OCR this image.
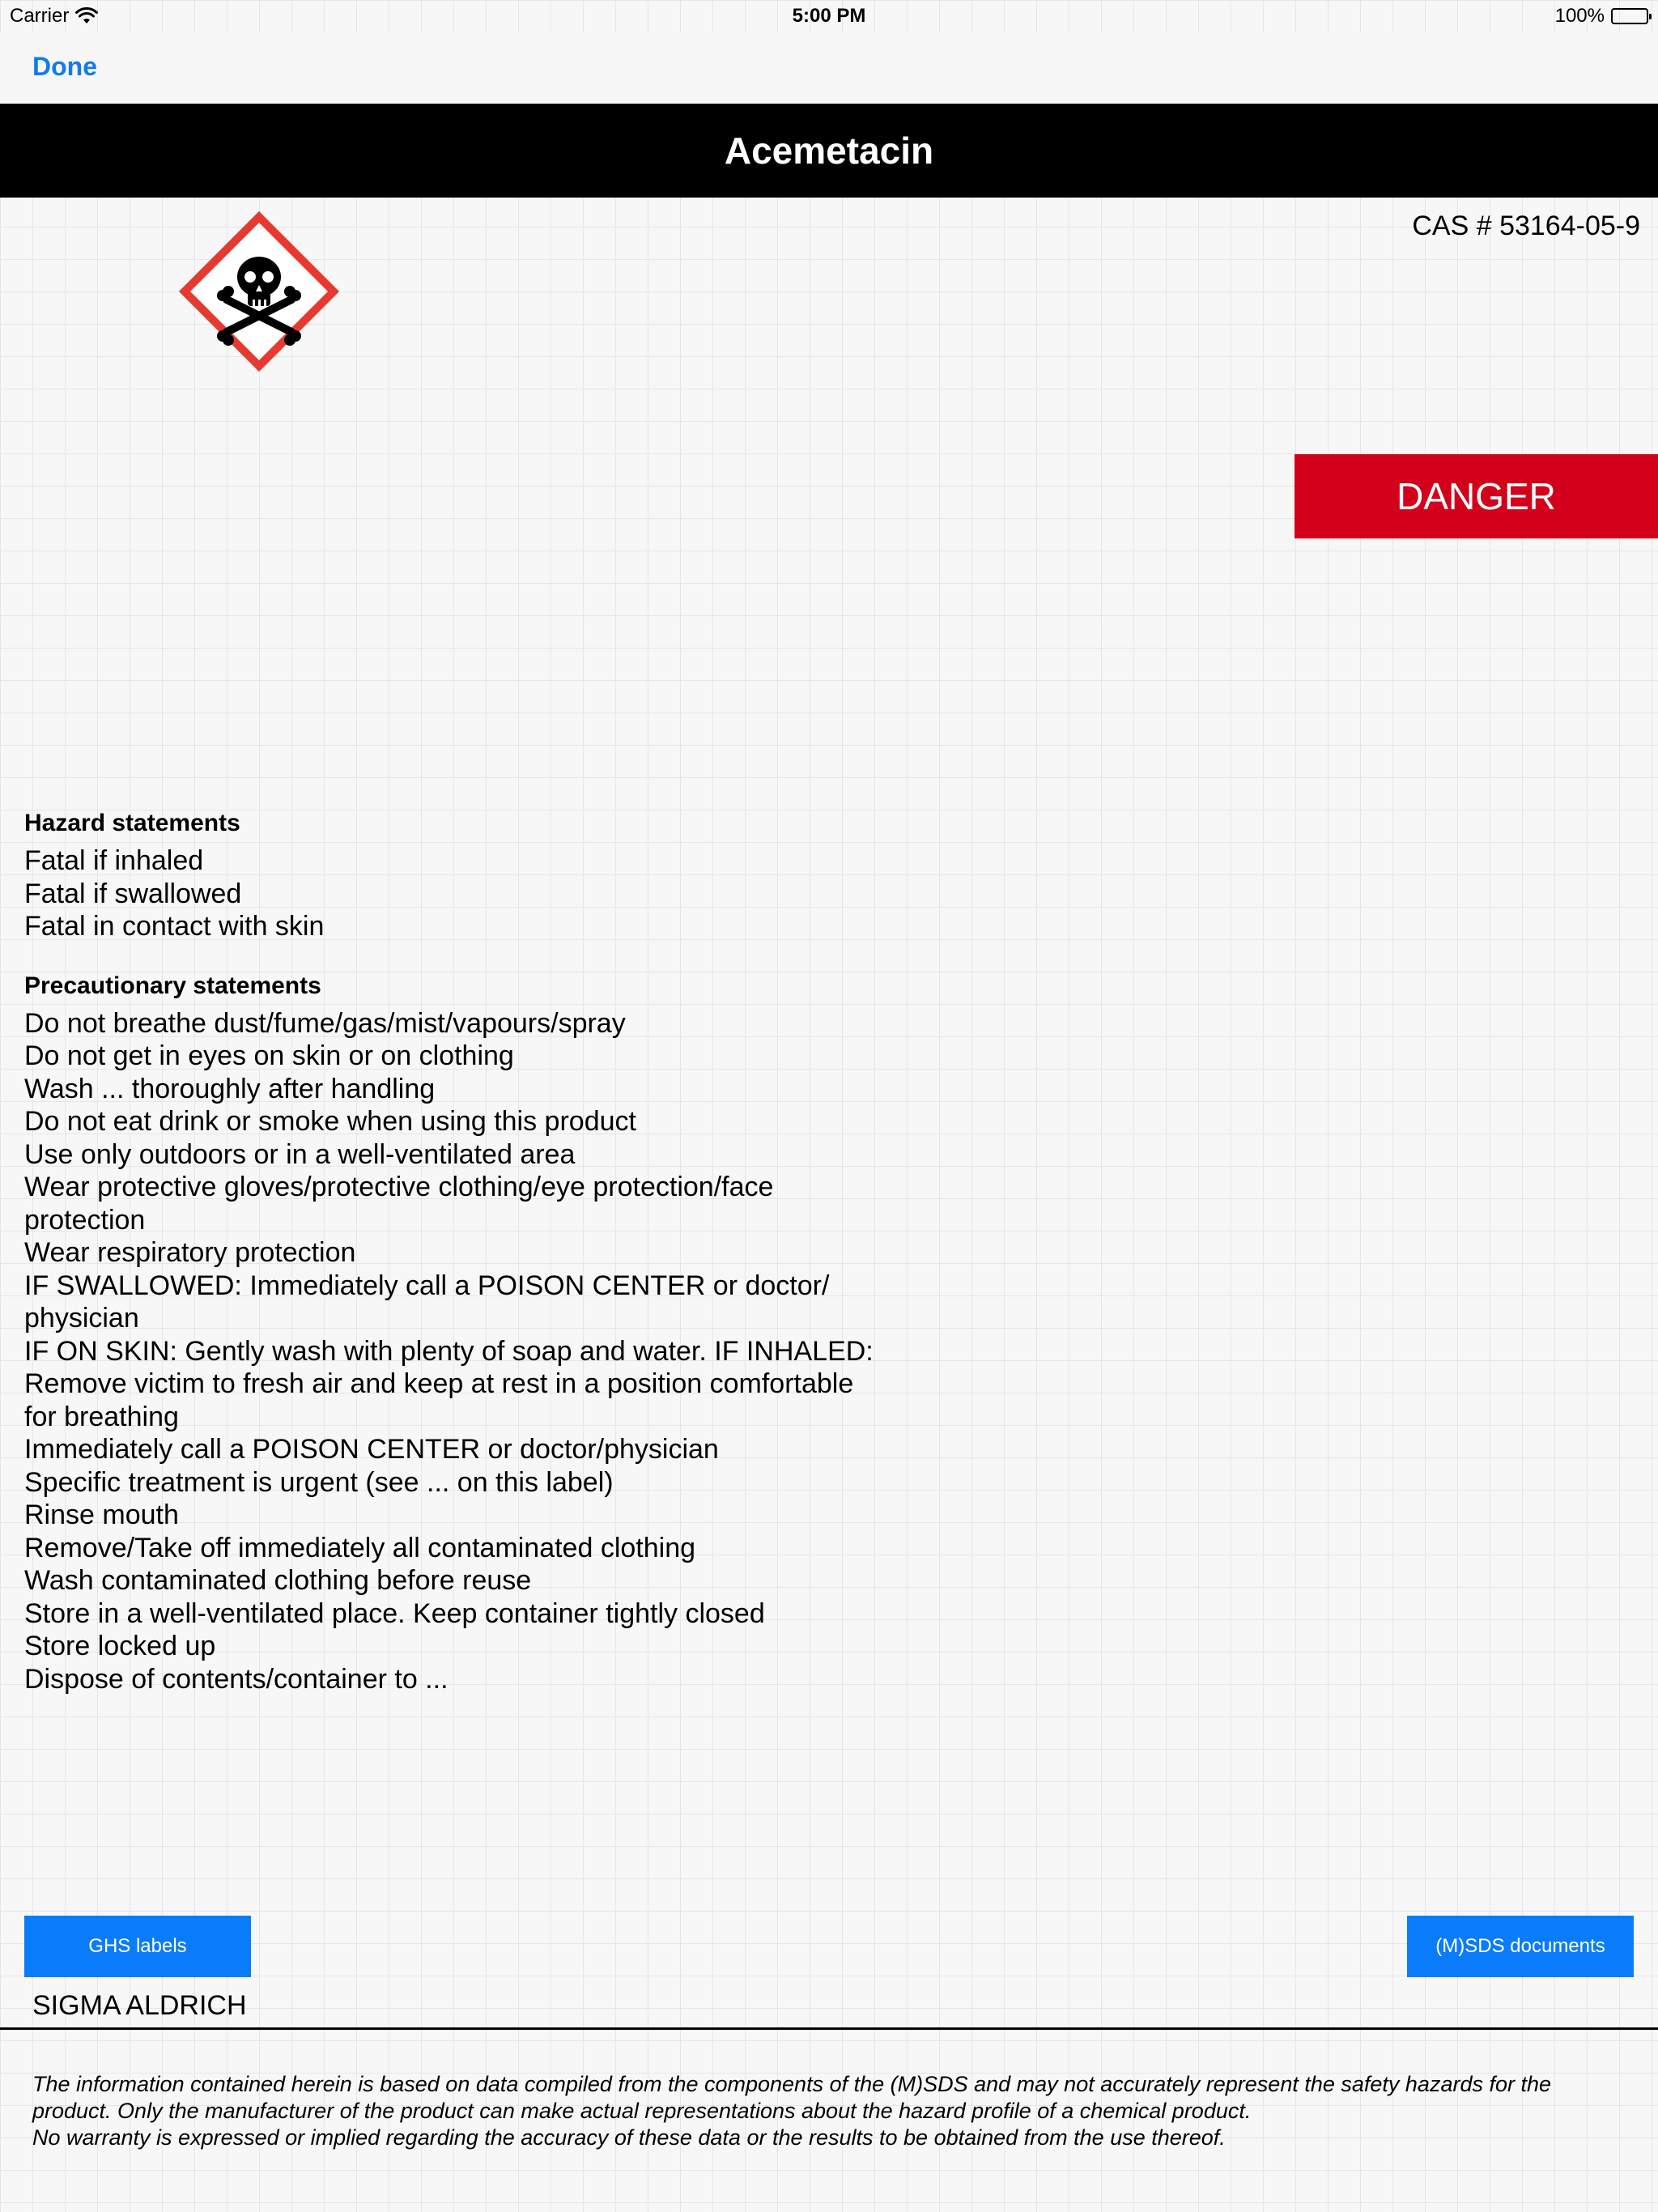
Carrier	5:00 PM	100%
Done
Acemetacin
CAS # 53164-05-9
DANGER
Hazard statements
Fatal if inhaled
Fatal if swallowed
Fatal in contact with skin
Precautionary statements
Do not breathe dust/fume/gas/mist/vapours/spray
Do not get in eyes on skin or on clothing
Wash ... thoroughly after handling
Do not eat drink or smoke when using this product
Use only outdoors or in a well-ventilated area
Wear protective gloves/protective clothing/eye protection/face protection
Wear respiratory protection
IF SWALLOWED: Immediately call a POISON CENTER or doctor/ physician
IF ON SKIN: Gently wash with plenty of soap and water. IF INHALED: Remove victim to fresh air and keep at rest in a position comfortable for breathing
Immediately call a POISON CENTER or doctor/physician
Specific treatment is urgent (see ... on this label)
Rinse mouth
Remove/Take off immediately all contaminated clothing
Wash contaminated clothing before reuse
Store in a well-ventilated place. Keep container tightly closed
Store locked up
Dispose of contents/container to ...
GHS labels	(M)SDS documents
SIGMA ALDRICH

The information contained herein is based on data compiled from the components of the (M)SDS and may not accurately represent the safety hazards for the product. Only the manufacturer of the product can make actual representations about the hazard profile of a chemical product.

No warranty is expressed or implied regarding the accuracy of these data or the results to be obtained from the use thereof.
